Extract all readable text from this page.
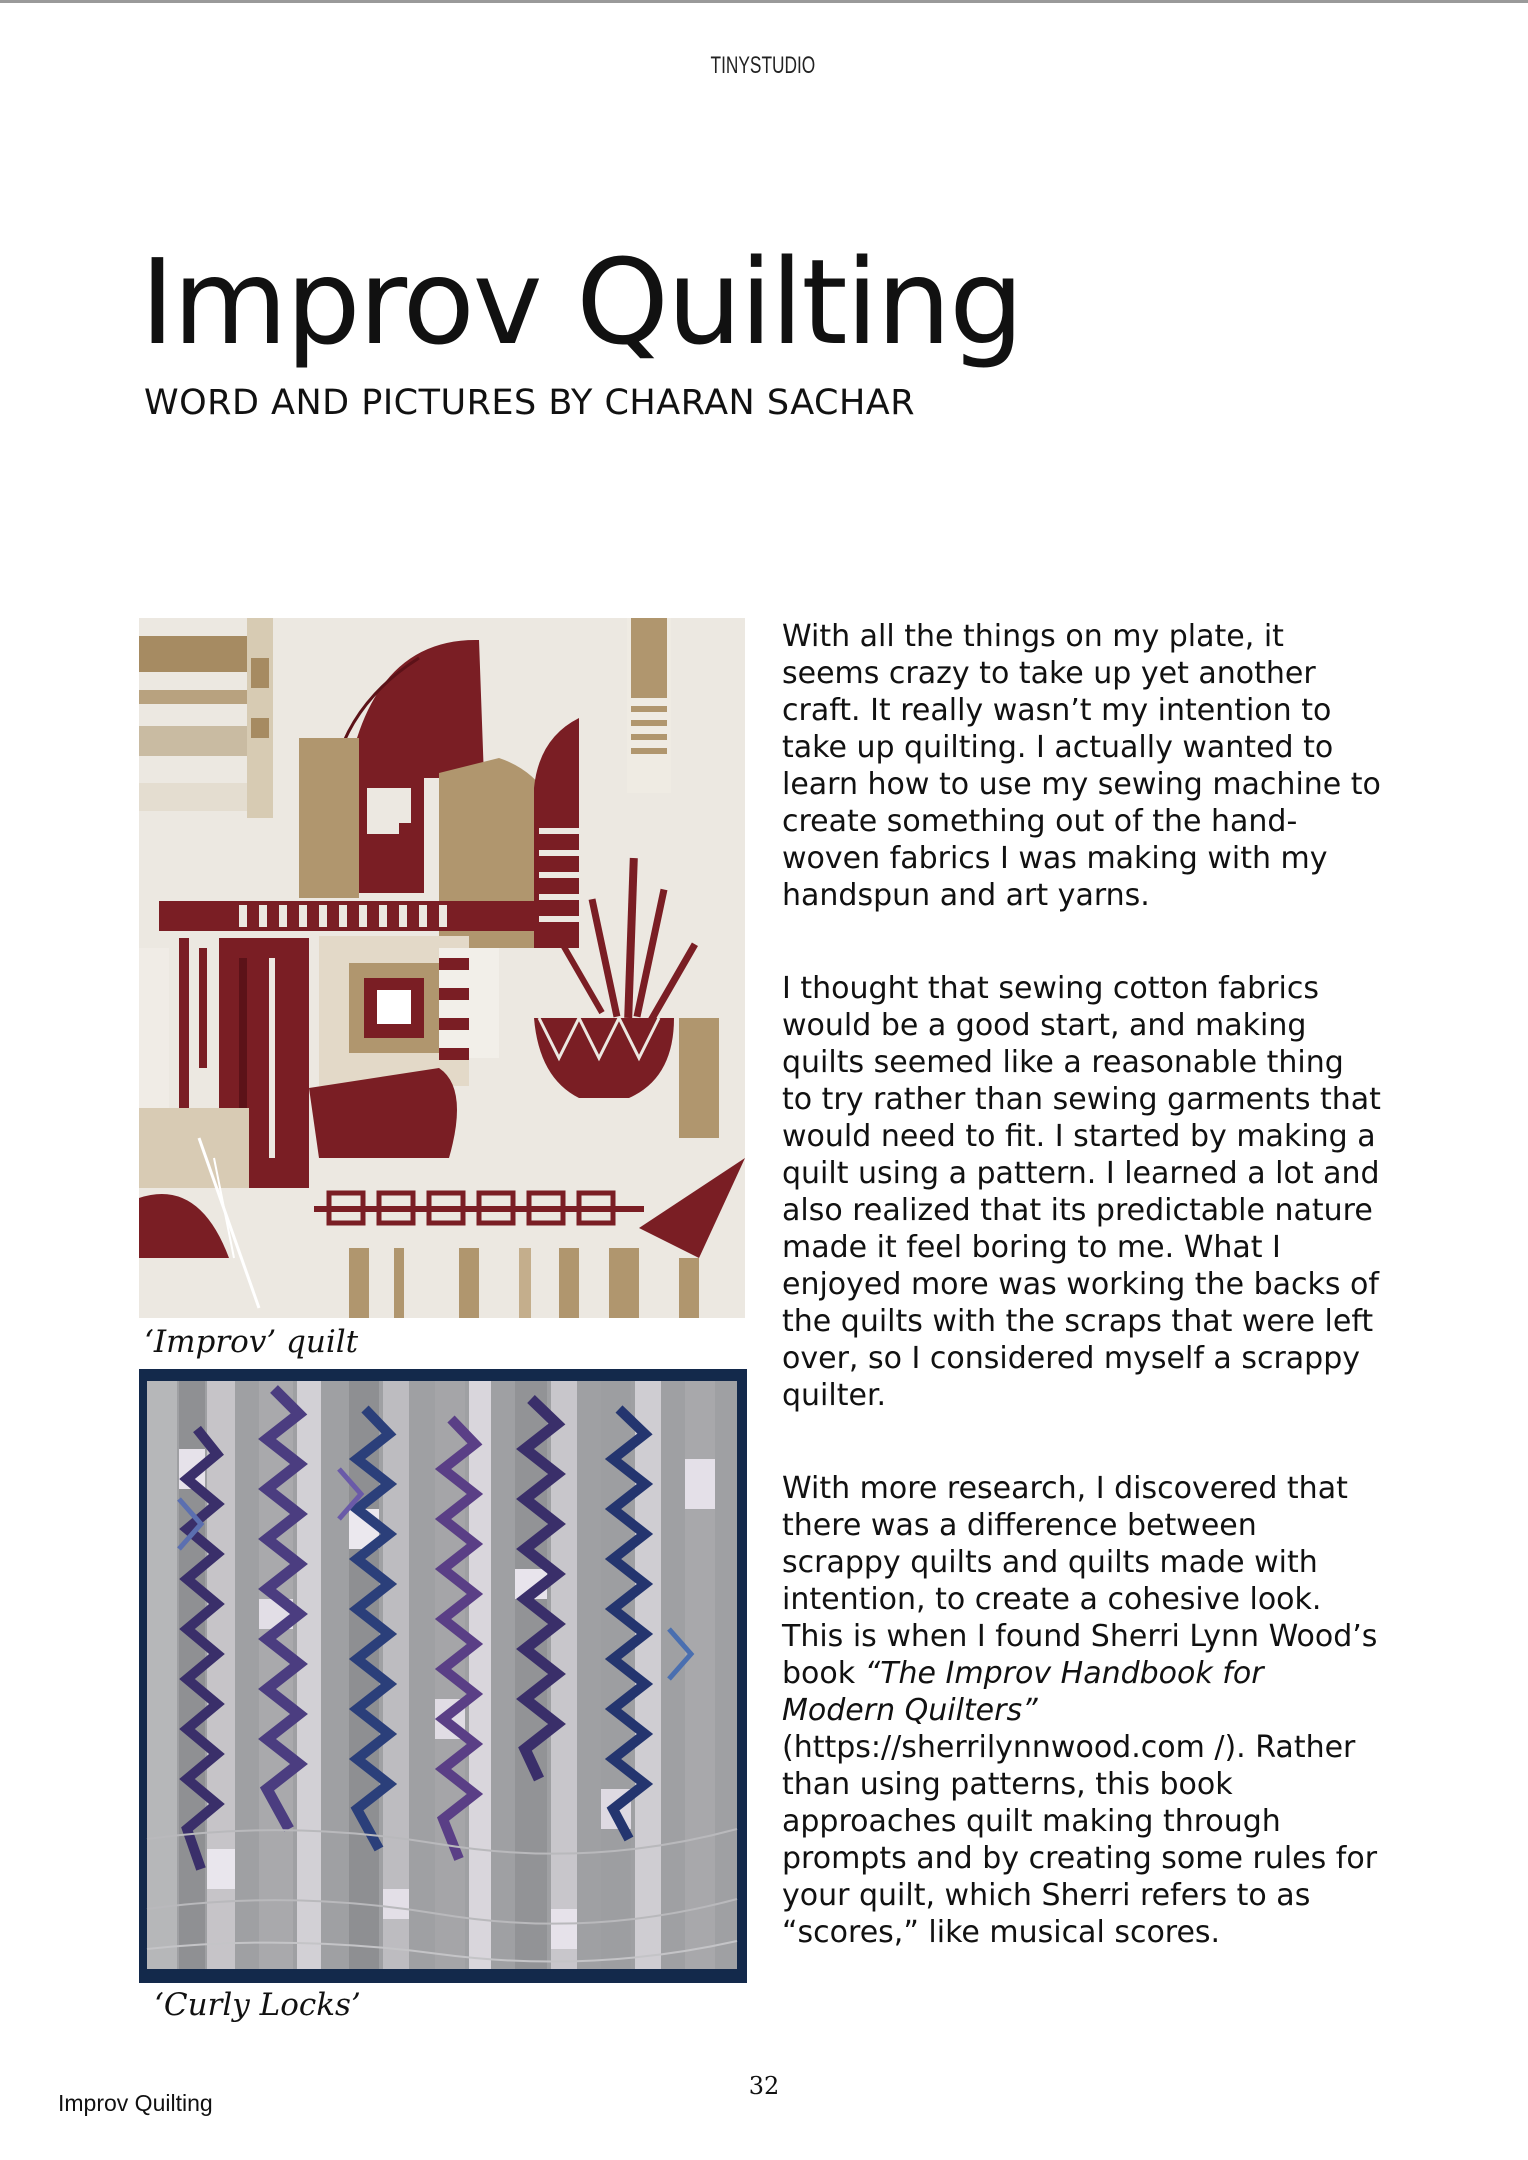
TINYSTUDIO
Improv Quilting
WORD AND PICTURES BY CHARAN SACHAR
‘Improv’ quilt
‘Curly Locks’

With all the things on my plate, it seems crazy to take up yet another craft. It really wasn’t my intention to take up quilting. I actually wanted to learn how to use my sewing machine to create something out of the hand-woven fabrics I was making with my handspun and art yarns.

I thought that sewing cotton fabrics would be a good start, and making quilts seemed like a reasonable thing to try rather than sewing garments that would need to fit. I started by making a quilt using a pattern. I learned a lot and also realized that its predictable nature made it feel boring to me. What I enjoyed more was working the backs of the quilts with the scraps that were left over, so I considered myself a scrappy quilter.

With more research, I discovered that there was a difference between scrappy quilts and quilts made with intention, to create a cohesive look. This is when I found Sherri Lynn Wood’s book “The Improv Handbook for Modern Quilters” (https://sherrilynnwood.com /). Rather than using patterns, this book approaches quilt making through prompts and by creating some rules for your quilt, which Sherri refers to as “scores,” like musical scores.

32
Improv Quilting
